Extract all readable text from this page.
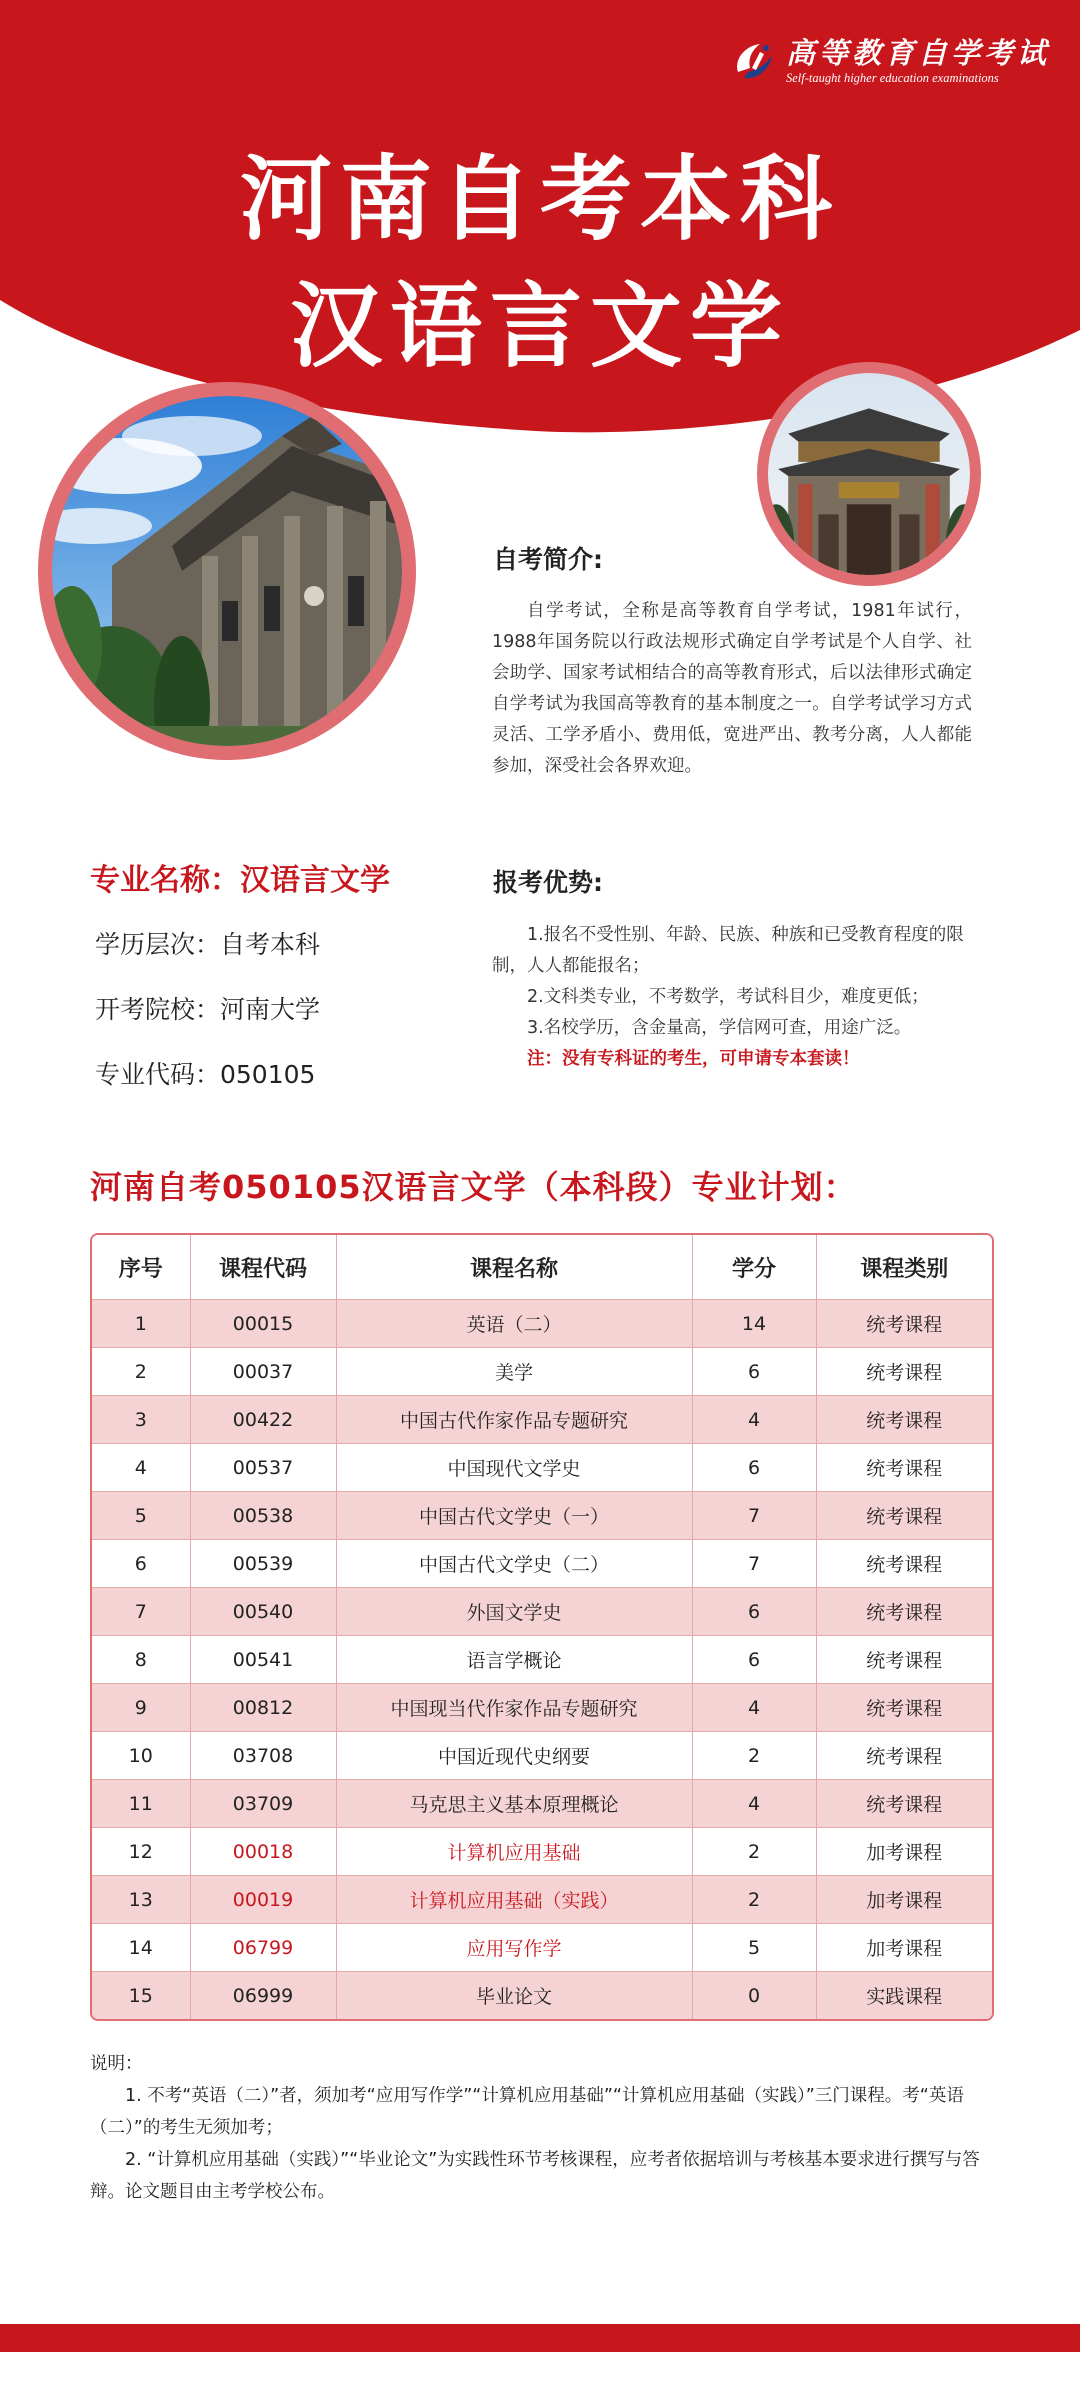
高等教育自学考试
Self-taught higher education examinations
河南自考本科
汉语言文学
自考简介:
自学考试，全称是高等教育自学考试，1981年试行，1988年国务院以行政法规形式确定自学考试是个人自学、社会助学、国家考试相结合的高等教育形式，后以法律形式确定自学考试为我国高等教育的基本制度之一。自学考试学习方式灵活、工学矛盾小、费用低，宽进严出、教考分离，人人都能参加，深受社会各界欢迎。
专业名称：汉语言文学
学历层次：自考本科
开考院校：河南大学
专业代码：050105
报考优势:
1.报名不受性别、年龄、民族、种族和已受教育程度的限制，人人都能报名；
2.文科类专业，不考数学，考试科目少，难度更低；
3.名校学历，含金量高，学信网可查，用途广泛。
注：没有专科证的考生，可申请专本套读！
河南自考050105汉语言文学（本科段）专业计划：
序号	课程代码	课程名称	学分	课程类别
1	00015	英语（二）	14	统考课程
2	00037	美学	6	统考课程
3	00422	中国古代作家作品专题研究	4	统考课程
4	00537	中国现代文学史	6	统考课程
5	00538	中国古代文学史（一）	7	统考课程
6	00539	中国古代文学史（二）	7	统考课程
7	00540	外国文学史	6	统考课程
8	00541	语言学概论	6	统考课程
9	00812	中国现当代作家作品专题研究	4	统考课程
10	03708	中国近现代史纲要	2	统考课程
11	03709	马克思主义基本原理概论	4	统考课程
12	00018	计算机应用基础	2	加考课程
13	00019	计算机应用基础（实践）	2	加考课程
14	06799	应用写作学	5	加考课程
15	06999	毕业论文	0	实践课程
说明：
1. 不考“英语（二）”者，须加考“应用写作学”“计算机应用基础”“计算机应用基础（实践）”三门课程。考“英语（二）”的考生无须加考；
2. “计算机应用基础（实践）”“毕业论文”为实践性环节考核课程，应考者依据培训与考核基本要求进行撰写与答辩。论文题目由主考学校公布。
